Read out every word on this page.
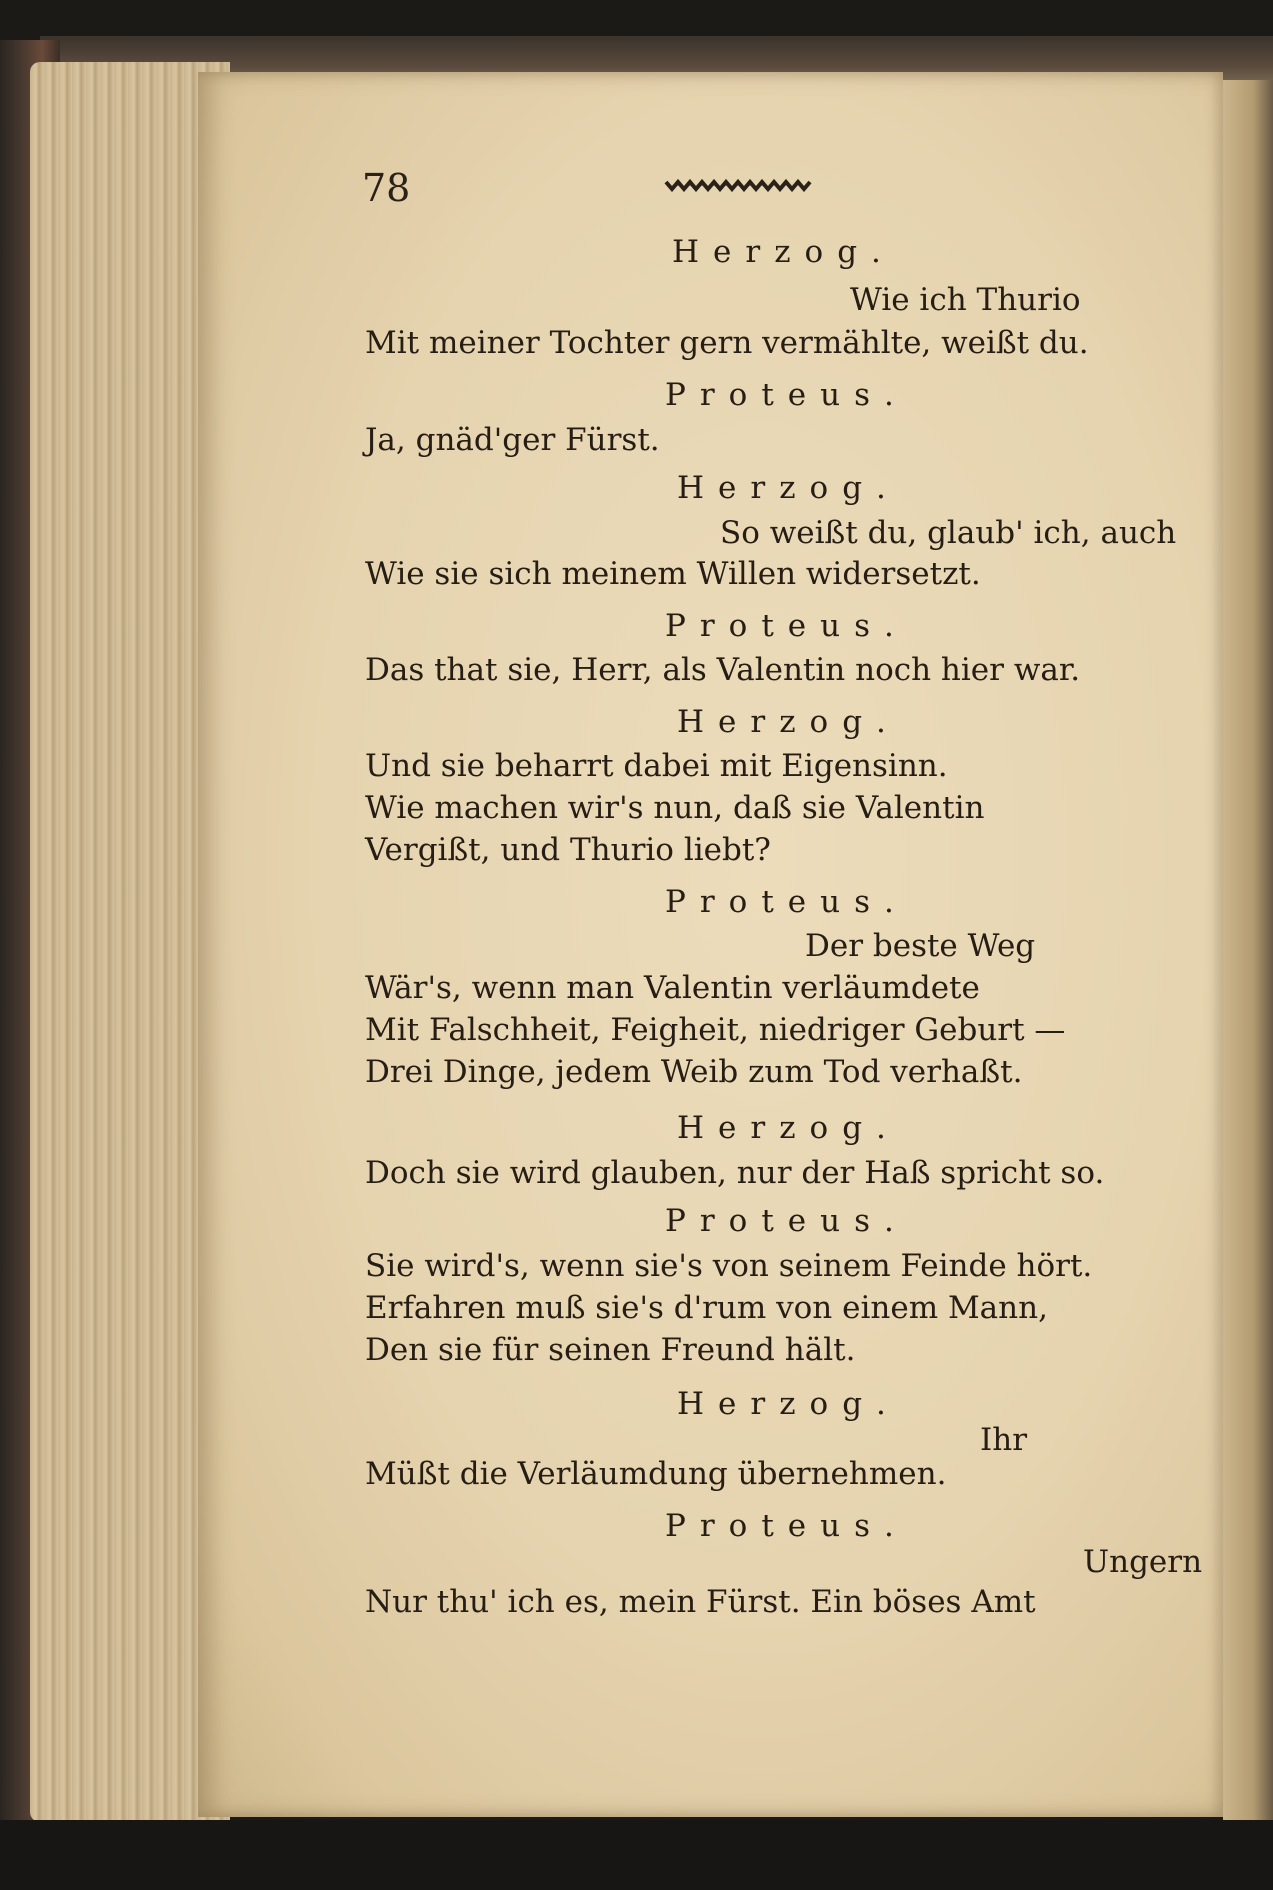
78
Herzog.
Wie ich Thurio
Mit meiner Tochter gern vermählte, weißt du.
Proteus.
Ja, gnäd'ger Fürst.
Herzog.
So weißt du, glaub' ich, auch
Wie sie sich meinem Willen widersetzt.
Proteus.
Das that sie, Herr, als Valentin noch hier war.
Herzog.
Und sie beharrt dabei mit Eigensinn.
Wie machen wir's nun, daß sie Valentin
Vergißt, und Thurio liebt?
Proteus.
Der beste Weg
Wär's, wenn man Valentin verläumdete
Mit Falschheit, Feigheit, niedriger Geburt —
Drei Dinge, jedem Weib zum Tod verhaßt.
Herzog.
Doch sie wird glauben, nur der Haß spricht so.
Proteus.
Sie wird's, wenn sie's von seinem Feinde hört.
Erfahren muß sie's d'rum von einem Mann,
Den sie für seinen Freund hält.
Herzog.
Ihr
Müßt die Verläumdung übernehmen.
Proteus.
Ungern
Nur thu' ich es, mein Fürst. Ein böses Amt
